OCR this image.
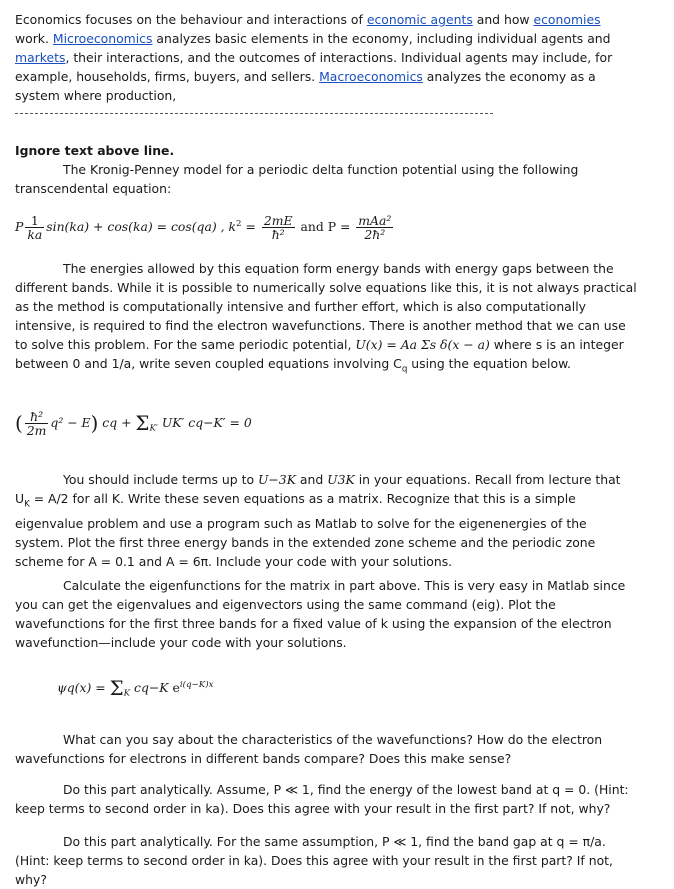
Economics focuses on the behaviour and interactions of economic agents and how economies work. Microeconomics analyzes basic elements in the economy, including individual agents and markets, their interactions, and the outcomes of interactions. Individual agents may include, for example, households, firms, buyers, and sellers. Macroeconomics analyzes the economy as a system where production,

Ignore text above line.

The Kronig-Penney model for a periodic delta function potential using the following transcendental equation:

P $\frac{1}{ka} \sin(ka) + \cos(ka) = \cos(qa)$ , $k^2 = \frac{2mE}{\text{ħ²}}$ and $P = \frac{\text{mAa²}}{\text{2ħ²}}$

The energies allowed by this equation form energy bands with energy gaps between the different bands. While it is possible to numerically solve equations like this, it is not always practical as the method is computationally intensive and further effort, which is also computationally intensive, is required to find the electron wavefunctions. There is another method that we can use to solve this problem. For the same periodic potential, U(x) = Aa Σs δ(x − a) where s is an integer between 0 and 1/a, write seven coupled equations involving $C_q$ using the equation below.

( $\frac{\text{ħ²}}{2m} q^2 - E$) cq + $\Sigma_{K'}$ UK′ cq−K′ = 0

You should include terms up to U−3K and U3K in your equations. Recall from lecture that $U_K = A/2$ for all K. Write these seven equations as a matrix. Recognize that this is a simple eigenvalue problem and use a program such as Matlab to solve for the eigenenergies of the system. Plot the first three energy bands in the extended zone scheme and the periodic zone scheme for A = 0.1 and A = 6π. Include your code with your solutions.

Calculate the eigenfunctions for the matrix in part above. This is very easy in Matlab since you can get the eigenvalues and eigenvectors using the same command (eig). Plot the wavefunctions for the first three bands for a fixed value of k using the expansion of the electron wavefunction—include your code with your solutions.

$\psi q(x) = \Sigma_K$ cq−K $e^{i(q-K)x}$

What can you say about the characteristics of the wavefunctions? How do the electron wavefunctions for electrons in different bands compare? Does this make sense?

Do this part analytically. Assume, P ≪ 1, find the energy of the lowest band at q = 0. (Hint: keep terms to second order in ka). Does this agree with your result in the first part? If not, why?

Do this part analytically. For the same assumption, P ≪ 1, find the band gap at q = π/a. (Hint: keep terms to second order in ka). Does this agree with your result in the first part? If not, why?
